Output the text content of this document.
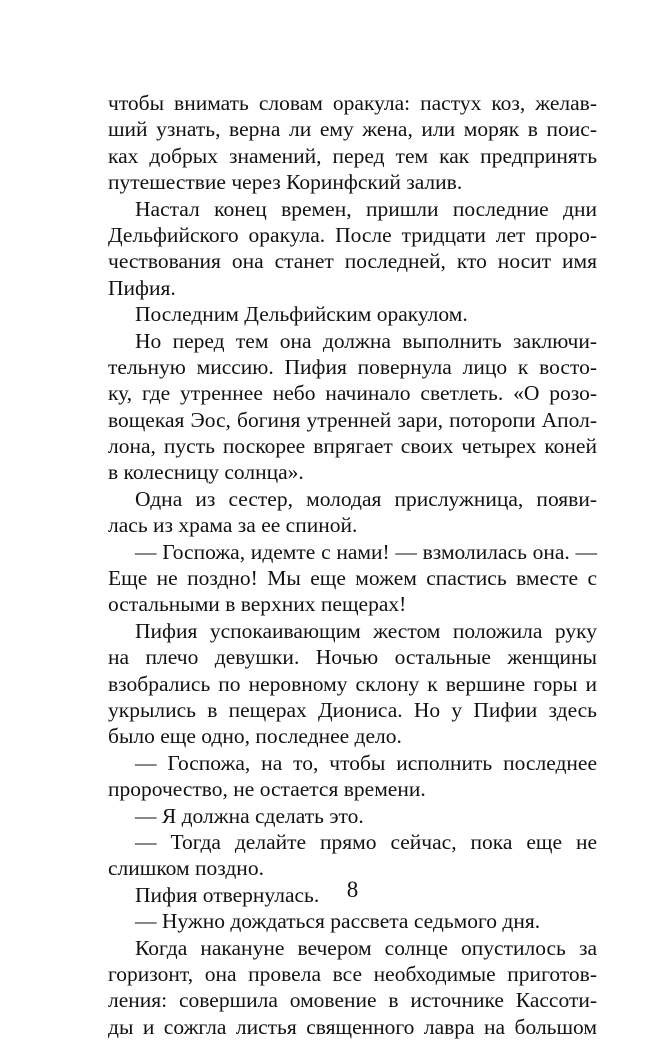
чтобы внимать словам оракула: пастух коз, желав-
ший узнать, верна ли ему жена, или моряк в поис-
ках добрых знамений, перед тем как предпринять
путешествие через Коринфский залив.
Настал конец времен, пришли последние дни
Дельфийского оракула. После тридцати лет проро-
чествования она станет последней, кто носит имя
Пифия.
Последним Дельфийским оракулом.
Но перед тем она должна выполнить заключи-
тельную миссию. Пифия повернула лицо к восто-
ку, где утреннее небо начинало светлеть. «О розо-
вощекая Эос, богиня утренней зари, поторопи Апол-
лона, пусть поскорее впрягает своих четырех коней
в колесницу солнца».
Одна из сестер, молодая прислужница, появи-
лась из храма за ее спиной.
— Госпожа, идемте с нами! — взмолилась она. —
Еще не поздно! Мы еще можем спастись вместе с
остальными в верхних пещерах!
Пифия успокаивающим жестом положила руку
на плечо девушки. Ночью остальные женщины
взобрались по неровному склону к вершине горы и
укрылись в пещерах Диониса. Но у Пифии здесь
было еще одно, последнее дело.
— Госпожа, на то, чтобы исполнить последнее
пророчество, не остается времени.
— Я должна сделать это.
— Тогда делайте прямо сейчас, пока еще не
слишком поздно.
Пифия отвернулась.
— Нужно дождаться рассвета седьмого дня.
Когда накануне вечером солнце опустилось за
горизонт, она провела все необходимые приготов-
ления: совершила омовение в источнике Кассоти-
ды и сожгла листья священного лавра на большом
8
